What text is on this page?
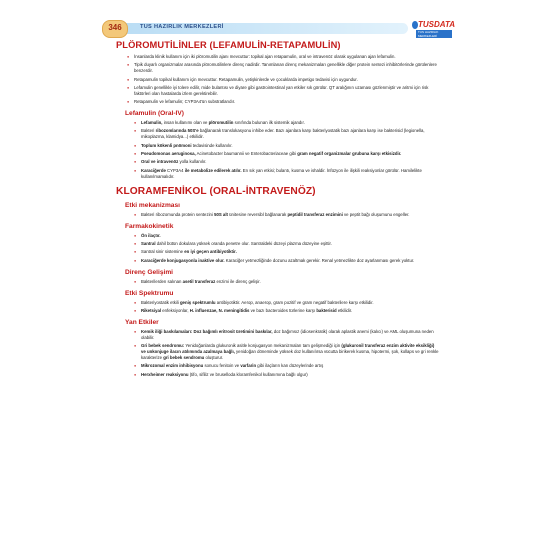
346	TUS HAZIRLIK MERKEZLERİ	TUSDATA
TUS HAZIRLIK MERKEZLERİ
PLÖROMUTİLİNLER (LEFAMULİN-RETAPAMULİN)
● İnsanlarda klinik kullanım için iki plöromutilin ajanı mevcuttur: topikal ajan retapamulin, oral ve intravenöz olarak uygulanan ajan lefamulin.
● Tipik duyarlı organizmalar arasında plöromutilinlere direnç nadirdir. Tanımlanan direnç mekanizmaları genellikle diğer protein sentezi inhibitörlerinde görülenlere benzerdir.
● Retapamulin topikal kullanım için mevcuttur. Retapamulin, yetişkinlerde ve çocuklarda impetigo tedavisi için uygundur.
● Lefamulin genellikle iyi tolere edilir, mide bulantısı ve diyare gibi gastrointestinal yan etkiler sık görülür. QT aralığının uzaması gözlenmiştir ve aritmi için risk faktörleri olan hastalarda izlem gerektirebilir.
● Retapamulin ve lefamulin; CYP3A4'ün substratlarıdır.
Lefamulin (Oral-IV)
● Lefamulin, insan kullanımı olan ve plöromutilin sınıfında bulunan ilk sistemik ajandır.
● Bakteri ribozomlarında 50S'e bağlanarak translokasyonu inhibe eder. Bazı ajanlara karşı bakteriyostatik bazı ajanlara karşı ise bakterisid (legionella, mikoplazma, klamidya...) etkilidir.
● Toplum kökenli pnömoni tedavisinde kullanılır.
● Pseudomonas aeruginosa, Acinetobacter baumannii ve Enterobacteriaceae gibi gram negatif organizmalar grubuna karşı etkisizdir.
● Oral ve intravenöz yolla kullanılır.
● Karaciğerde CYP3A4 ile metabolize edilerek atılır. En sık yan etkisi; bulantı, kusma ve ishaldir. İnfüzyon ile ilişkili reaksiyonlar görülür. Hamilelikte kullanılmamalıdır.
KLORAMFENİKOL (ORAL-İNTRAVENÖZ)
Etki mekanizması
● Bakteri ribozomunda protein sentezini 50S alt ünitesine reversibl bağlanarak peptidil transferaz enzimini ve peptit bağı oluşumunu engeller.
Farmakokinetik
● Ön ilaçtır.
● Santral dahil bütün dokulara yüksek oranda penetre olur. Santraldeki düzeyi plazma düzeyine eşittir.
● Santral sinir sistemine en iyi geçen antibiyotiktir.
● Karaciğerde konjugasyonla inaktive olur. Karaciğer yetmezliğinde dozunu azaltmak gerekir. Renal yetmezlikte doz ayarlanması gerek yoktur.
Direnç Gelişimi
● Bakterilerden salınan asetil transferaz enzimi ile direnç gelişir.
Etki Spektrumu
● Bakteriyostatik etkili geniş spektrumlu antibiyotiktir. Aerop, anaerop, gram pozitif ve gram negatif bakterilere karşı etkilidir.
● Riketsiyal enfeksiyonlar, H. influenzae, N. meningitidis ve bazı bacteroides türlerine karşı bakterisid etkilidir.
Yan Etkiler
● Kemik iliği baskılamaları: Doz bağımlı eritrosit üretimini baskılar, doz bağımsız (idiosenkratik) olarak aplastik anemi (kalıcı) ve AML oluşumuna neden olabilir.
● Gri bebek sendromu: Yenidoğanlarda glukuronik asitle konjugasyon mekanizmaları tam gelişmediği için (glukuronil transferaz enzim aktivite eksikliği) ve unkonjuge ilacın atılımında azalmaya bağlı, yenidoğan döneminde yüksek doz kullanılırsa vücutta birikerek kusma, hipotermi, şok, kollaps ve gri renkle karakterize gri bebek sendromu oluşturur.
● Mikrozomal enzim inhibisyonu sonucu fenitoin ve varfarin gibi ilaçların kan düzeylerinde artış
● Herxheimer reaksiyonu (tifo, sifiliz ve bruselloda kloramfenikol kullanımına bağlı olgur)
